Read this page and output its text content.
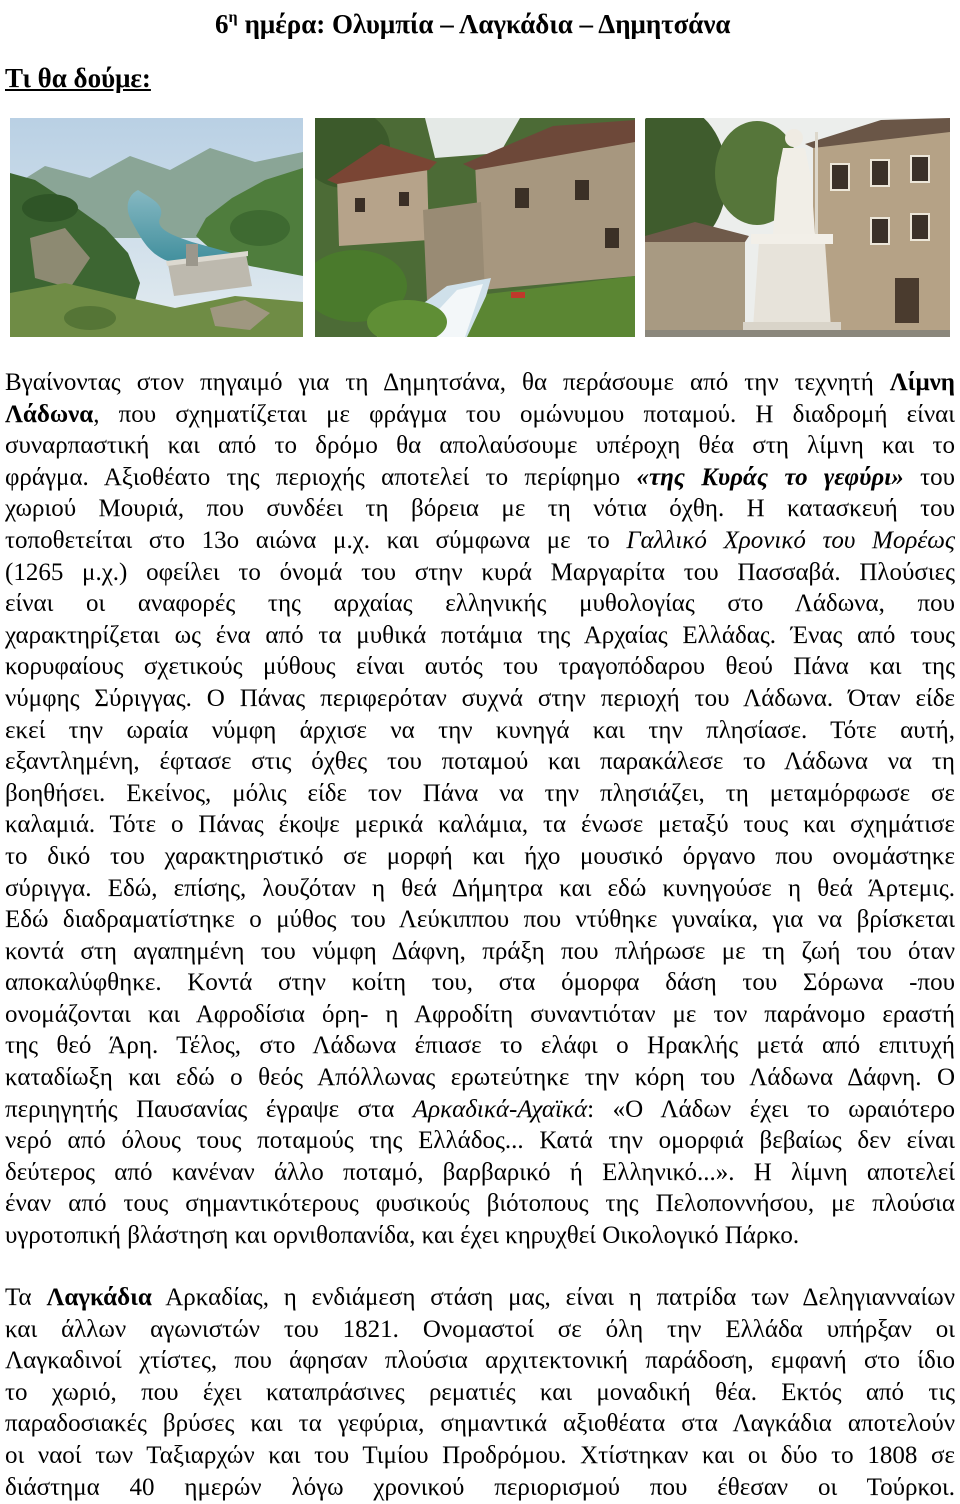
$6^\eta$ ημέρα: Ολυμπία – Λαγκάδια – Δημητσάνα
Τι θα δούμε:
Βγαίνοντας στον πηγαιμό για τη Δημητσάνα, θα περάσουμε από την τεχνητή Λίμνη
Λάδωνα, που σχηματίζεται με φράγμα του ομώνυμου ποταμού. Η διαδρομή είναι
συναρπαστική και από το δρόμο θα απολαύσουμε υπέροχη θέα στη λίμνη και το
φράγμα. Αξιοθέατο της περιοχής αποτελεί το περίφημο «της Κυράς το γεφύρι» του
χωριού Μουριά, που συνδέει τη βόρεια με τη νότια όχθη. Η κατασκευή του
τοποθετείται στο 13ο αιώνα μ.χ. και σύμφωνα με το Γαλλικό Χρονικό του Μορέως
(1265 μ.χ.) οφείλει το όνομά του στην κυρά Μαργαρίτα του Πασσαβά. Πλούσιες
είναι οι αναφορές της αρχαίας ελληνικής μυθολογίας στο Λάδωνα, που
χαρακτηρίζεται ως ένα από τα μυθικά ποτάμια της Αρχαίας Ελλάδας. Ένας από τους
κορυφαίους σχετικούς μύθους είναι αυτός του τραγοπόδαρου θεού Πάνα και της
νύμφης Σύριγγας. Ο Πάνας περιφερόταν συχνά στην περιοχή του Λάδωνα. Όταν είδε
εκεί την ωραία νύμφη άρχισε να την κυνηγά και την πλησίασε. Τότε αυτή,
εξαντλημένη, έφτασε στις όχθες του ποταμού και παρακάλεσε το Λάδωνα να τη
βοηθήσει. Εκείνος, μόλις είδε τον Πάνα να την πλησιάζει, τη μεταμόρφωσε σε
καλαμιά. Τότε ο Πάνας έκοψε μερικά καλάμια, τα ένωσε μεταξύ τους και σχημάτισε
το δικό του χαρακτηριστικό σε μορφή και ήχο μουσικό όργανο που ονομάστηκε
σύριγγα. Εδώ, επίσης, λουζόταν η θεά Δήμητρα και εδώ κυνηγούσε η θεά Άρτεμις.
Εδώ διαδραματίστηκε ο μύθος του Λεύκιππου που ντύθηκε γυναίκα, για να βρίσκεται
κοντά στη αγαπημένη του νύμφη Δάφνη, πράξη που πλήρωσε με τη ζωή του όταν
αποκαλύφθηκε. Κοντά στην κοίτη του, στα όμορφα δάση του Σόρωνα -που
ονομάζονται και Αφροδίσια όρη- η Αφροδίτη συναντιόταν με τον παράνομο εραστή
της θεό Άρη. Τέλος, στο Λάδωνα έπιασε το ελάφι ο Ηρακλής μετά από επιτυχή
καταδίωξη και εδώ ο θεός Απόλλωνας ερωτεύτηκε την κόρη του Λάδωνα Δάφνη. Ο
περιηγητής Παυσανίας έγραψε στα Αρκαδικά-Αχαϊκά: «Ο Λάδων έχει το ωραιότερο
νερό από όλους τους ποταμούς της Ελλάδος... Κατά την ομορφιά βεβαίως δεν είναι
δεύτερος από κανέναν άλλο ποταμό, βαρβαρικό ή Ελληνικό...». Η λίμνη αποτελεί
έναν από τους σημαντικότερους φυσικούς βιότοπους της Πελοποννήσου, με πλούσια
υγροτοπική βλάστηση και ορνιθοπανίδα, και έχει κηρυχθεί Οικολογικό Πάρκο.
Τα Λαγκάδια Αρκαδίας, η ενδιάμεση στάση μας, είναι η πατρίδα των Δεληγιανναίων
και άλλων αγωνιστών του 1821. Ονομαστοί σε όλη την Ελλάδα υπήρξαν οι
Λαγκαδινοί χτίστες, που άφησαν πλούσια αρχιτεκτονική παράδοση, εμφανή στο ίδιο
το χωριό, που έχει καταπράσινες ρεματιές και μοναδική θέα. Εκτός από τις
παραδοσιακές βρύσες και τα γεφύρια, σημαντικά αξιοθέατα στα Λαγκάδια αποτελούν
οι ναοί των Ταξιαρχών και του Τιμίου Προδρόμου. Χτίστηκαν και οι δύο το 1808 σε
διάστημα 40 ημερών λόγω χρονικού περιορισμού που έθεσαν οι Τούρκοι.
